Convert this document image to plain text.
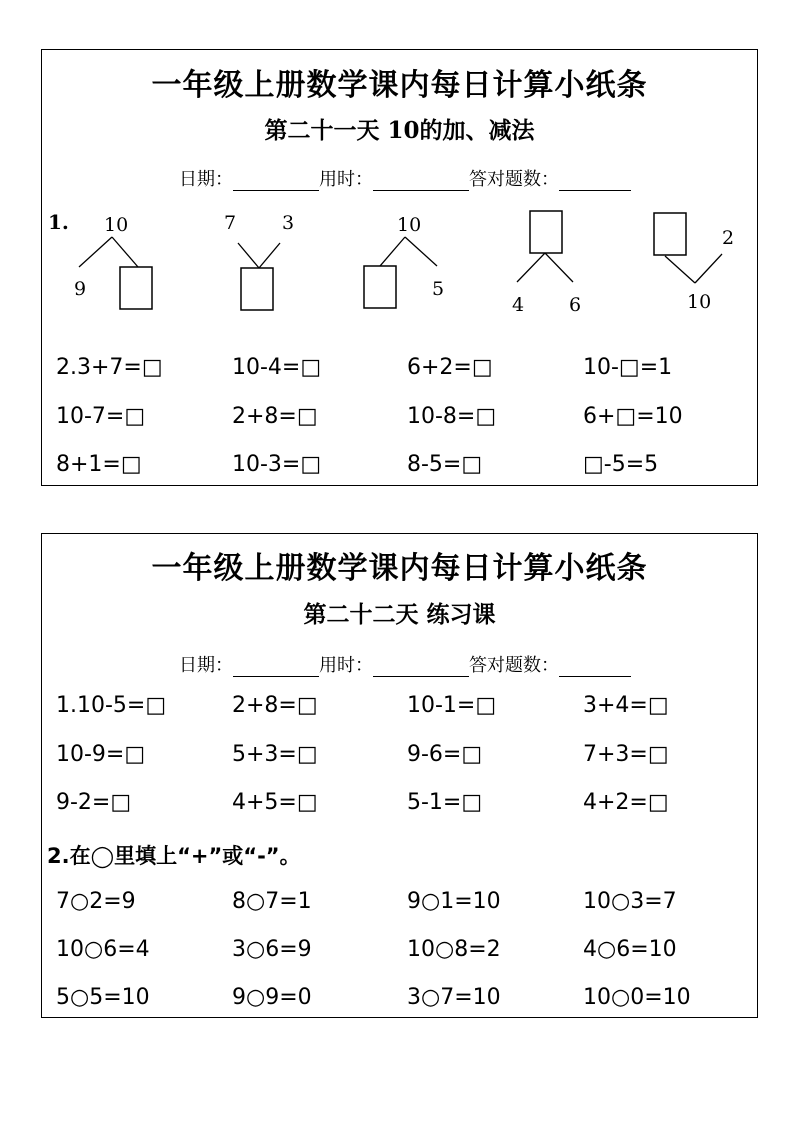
一年级上册数学课内每日计算小纸条
第二十一天 10的加、减法
日期：	用时：	答对题数：
1. 10
9
7 3	10
5
4 6
2
10
2.3+7=□	10-4=□	6+2=□	10-□=1
10-7=□	2+8=□	10-8=□	6+□=10
8+1=□	10-3=□	8-5=□	□-5=5
一年级上册数学课内每日计算小纸条
第二十二天 练习课
日期：	用时：	答对题数：
1.10-5=□	2+8=□	10-1=□	3+4=□
10-9=□	5+3=□	9-6=□	7+3=□
9-2=□	4+5=□	5-1=□	4+2=□
2.在◯里填上“+”或“-”。
7○2=9	8○7=1	9○1=10	10○3=7
10○6=4	3○6=9	10○8=2	4○6=10
5○5=10	9○9=0	3○7=10	10○0=10
